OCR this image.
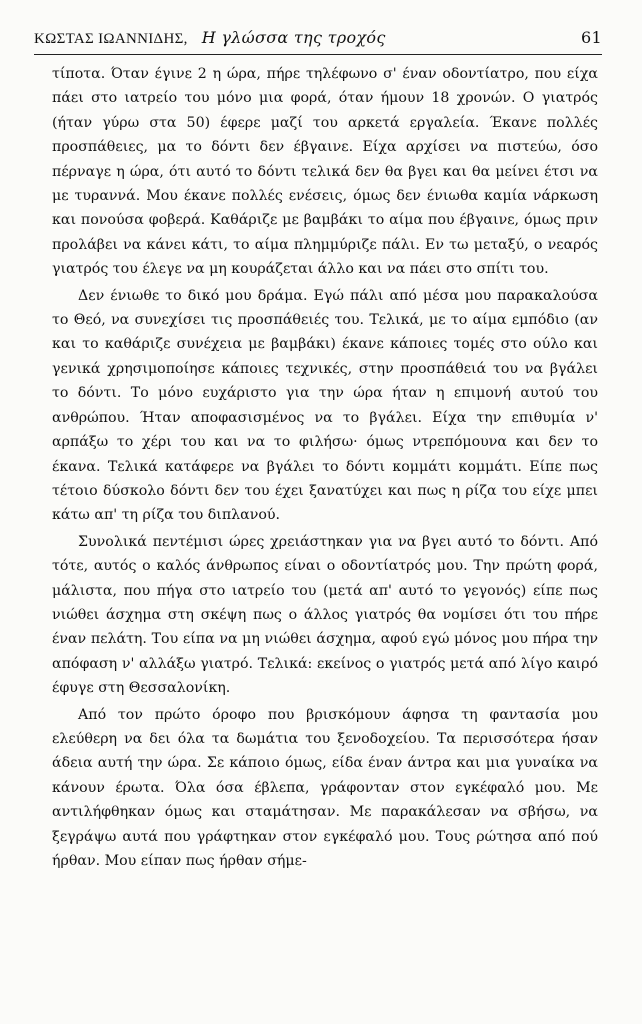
ΚΩΣΤΑΣ ΙΩΑΝΝΙΔΗΣ, Η γλώσσα της τροχός	61

τίποτα. Όταν έγινε 2 η ώρα, πήρε τηλέφωνο σ' έναν οδοντίατρο, που είχα πάει στο ιατρείο του μόνο μια φορά, όταν ήμουν 18 χρονών. Ο γιατρός (ήταν γύρω στα 50) έφερε μαζί του αρκετά εργαλεία. Έκανε πολλές προσπάθειες, μα το δόντι δεν έβγαινε. Είχα αρχίσει να πιστεύω, όσο πέρναγε η ώρα, ότι αυτό το δόντι τελικά δεν θα βγει και θα μείνει έτσι να με τυραννά. Μου έκανε πολλές ενέσεις, όμως δεν ένιωθα καμία νάρκωση και πονούσα φοβερά. Καθάριζε με βαμβάκι το αίμα που έβγαινε, όμως πριν προλάβει να κάνει κάτι, το αίμα πλημμύριζε πάλι. Εν τω μεταξύ, ο νεαρός γιατρός του έλεγε να μη κουράζεται άλλο και να πάει στο σπίτι του.

Δεν ένιωθε το δικό μου δράμα. Εγώ πάλι από μέσα μου παρακαλούσα το Θεό, να συνεχίσει τις προσπάθειές του. Τελικά, με το αίμα εμπόδιο (αν και το καθάριζε συνέχεια με βαμβάκι) έκανε κάποιες τομές στο ούλο και γενικά χρησιμοποίησε κάποιες τεχνικές, στην προσπάθειά του να βγάλει το δόντι. Το μόνο ευχάριστο για την ώρα ήταν η επιμονή αυτού του ανθρώπου. Ήταν αποφασισμένος να το βγάλει. Είχα την επιθυμία ν' αρπάξω το χέρι του και να το φιλήσω· όμως ντρεπόμουνα και δεν το έκανα. Τελικά κατάφερε να βγάλει το δόντι κομμάτι κομμάτι. Είπε πως τέτοιο δύσκολο δόντι δεν του έχει ξανατύχει και πως η ρίζα του είχε μπει κάτω απ' τη ρίζα του διπλανού.

Συνολικά πεντέμισι ώρες χρειάστηκαν για να βγει αυτό το δόντι. Από τότε, αυτός ο καλός άνθρωπος είναι ο οδοντίατρός μου. Την πρώτη φορά, μάλιστα, που πήγα στο ιατρείο του (μετά απ' αυτό το γεγονός) είπε πως νιώθει άσχημα στη σκέψη πως ο άλλος γιατρός θα νομίσει ότι του πήρε έναν πελάτη. Του είπα να μη νιώθει άσχημα, αφού εγώ μόνος μου πήρα την απόφαση ν' αλλάξω γιατρό. Τελικά: εκείνος ο γιατρός μετά από λίγο καιρό έφυγε στη Θεσσαλονίκη.

Από τον πρώτο όροφο που βρισκόμουν άφησα τη φαντασία μου ελεύθερη να δει όλα τα δωμάτια του ξενοδοχείου. Τα περισσότερα ήσαν άδεια αυτή την ώρα. Σε κάποιο όμως, είδα έναν άντρα και μια γυναίκα να κάνουν έρωτα. Όλα όσα έβλεπα, γράφονταν στον εγκέφαλό μου. Με αντιλήφθηκαν όμως και σταμάτησαν. Με παρακάλεσαν να σβήσω, να ξεγράψω αυτά που γράφτηκαν στον εγκέφαλό μου. Τους ρώτησα από πού ήρθαν. Μου είπαν πως ήρθαν σήμε-
